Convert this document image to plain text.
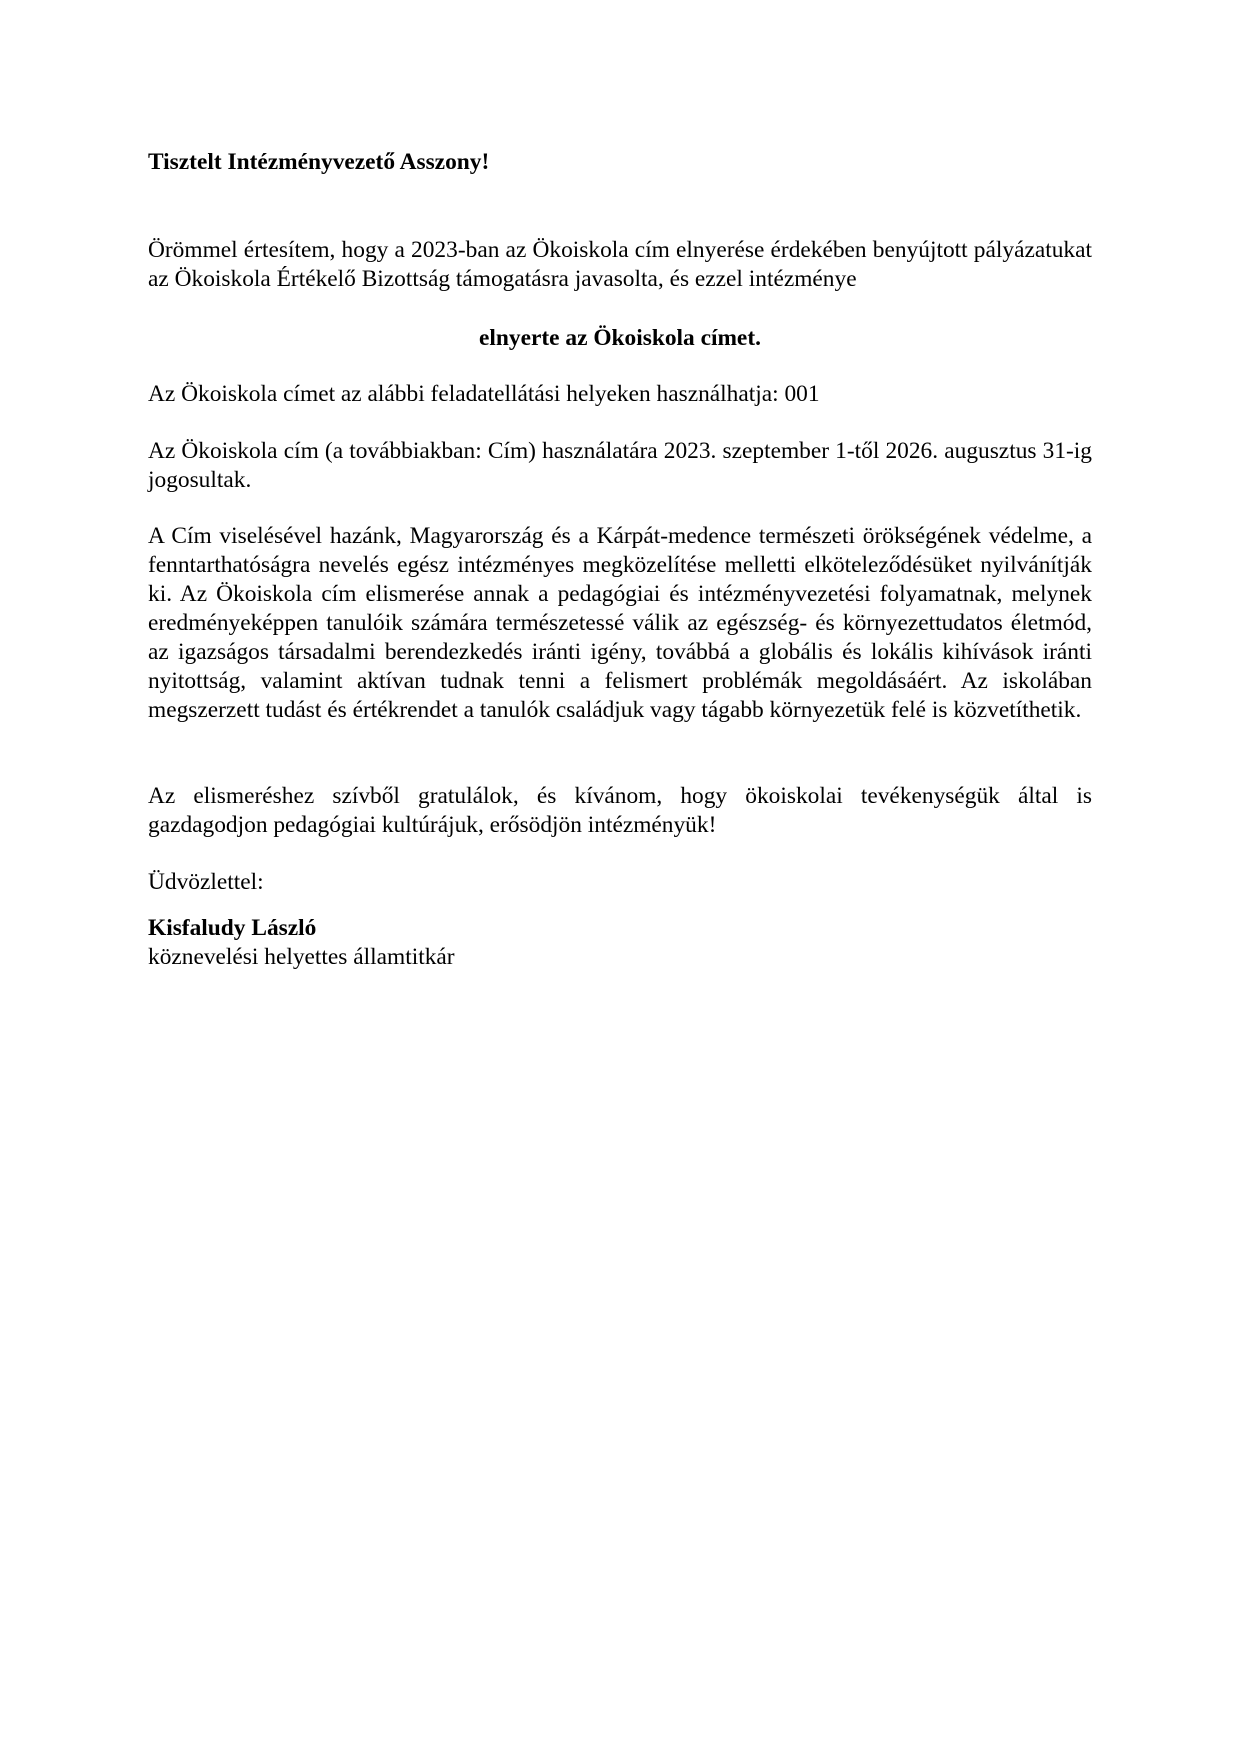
Tisztelt Intézményvezető Asszony!

Örömmel értesítem, hogy a 2023-ban az Ökoiskola cím elnyerése érdekében benyújtott pályázatukat az Ökoiskola Értékelő Bizottság támogatásra javasolta, és ezzel intézménye

elnyerte az Ökoiskola címet.

Az Ökoiskola címet az alábbi feladatellátási helyeken használhatja: 001

Az Ökoiskola cím (a továbbiakban: Cím) használatára 2023. szeptember 1-től 2026. augusztus 31-ig jogosultak.

A Cím viselésével hazánk, Magyarország és a Kárpát-medence természeti örökségének védelme, a fenntarthatóságra nevelés egész intézményes megközelítése melletti elköteleződésüket nyilvánítják ki. Az Ökoiskola cím elismerése annak a pedagógiai és intézményvezetési folyamatnak, melynek eredményeképpen tanulóik számára természetessé válik az egészség- és környezettudatos életmód, az igazságos társadalmi berendezkedés iránti igény, továbbá a globális és lokális kihívások iránti nyitottság, valamint aktívan tudnak tenni a felismert problémák megoldásáért. Az iskolában megszerzett tudást és értékrendet a tanulók családjuk vagy tágabb környezetük felé is közvetíthetik.

Az elismeréshez szívből gratulálok, és kívánom, hogy ökoiskolai tevékenységük által is gazdagodjon pedagógiai kultúrájuk, erősödjön intézményük!

Üdvözlettel:

Kisfaludy László

köznevelési helyettes államtitkár
